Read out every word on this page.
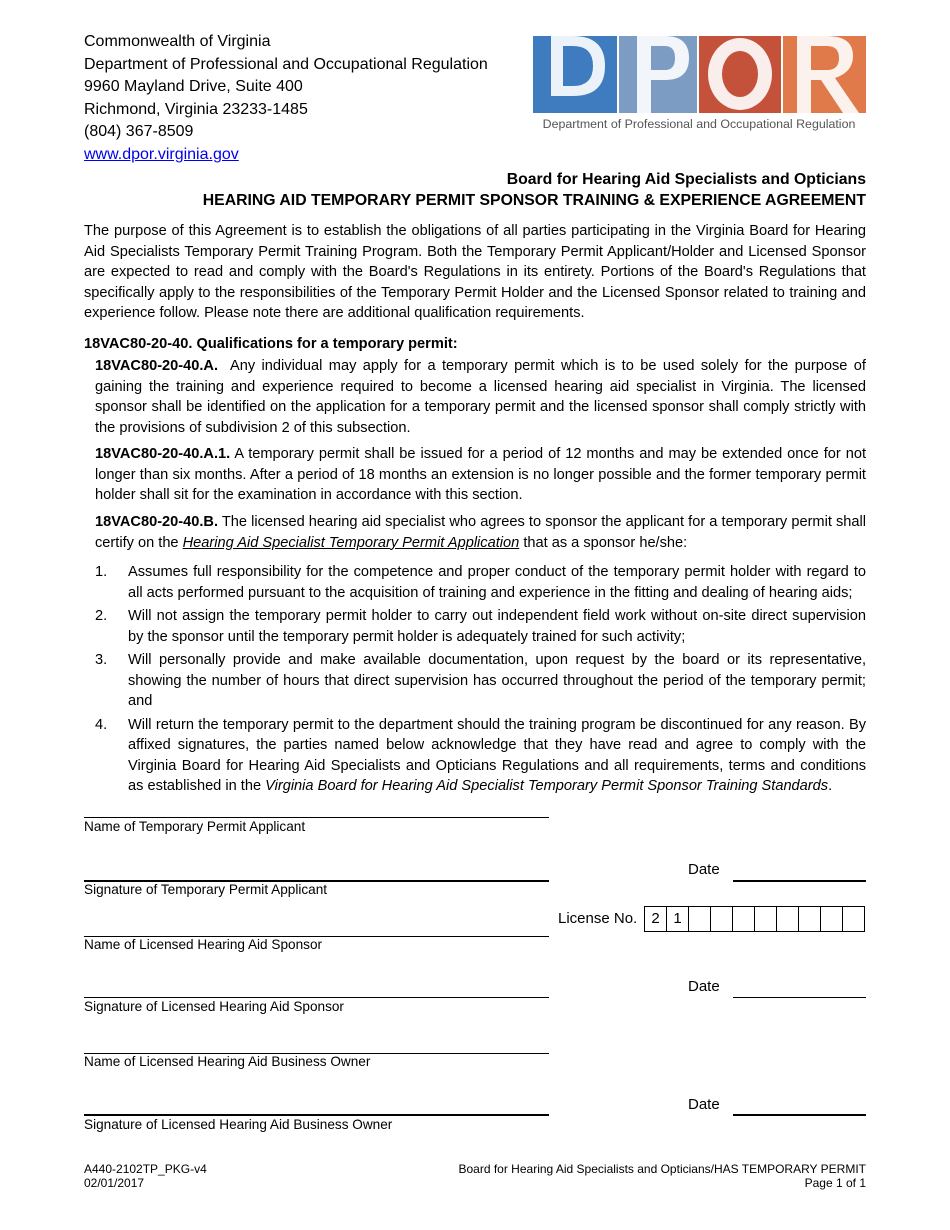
Commonwealth of Virginia
Department of Professional and Occupational Regulation
9960 Mayland Drive, Suite 400
Richmond, Virginia 23233-1485
(804) 367-8509
www.dpor.virginia.gov
Department of Professional and Occupational Regulation
Board for Hearing Aid Specialists and Opticians
HEARING AID TEMPORARY PERMIT SPONSOR TRAINING & EXPERIENCE AGREEMENT
The purpose of this Agreement is to establish the obligations of all parties participating in the Virginia Board for Hearing Aid Specialists Temporary Permit Training Program. Both the Temporary Permit Applicant/Holder and Licensed Sponsor are expected to read and comply with the Board's Regulations in its entirety. Portions of the Board's Regulations that specifically apply to the responsibilities of the Temporary Permit Holder and the Licensed Sponsor related to training and experience follow. Please note there are additional qualification requirements.
18VAC80-20-40. Qualifications for a temporary permit:
18VAC80-20-40.A. Any individual may apply for a temporary permit which is to be used solely for the purpose of gaining the training and experience required to become a licensed hearing aid specialist in Virginia. The licensed sponsor shall be identified on the application for a temporary permit and the licensed sponsor shall comply strictly with the provisions of subdivision 2 of this subsection.
18VAC80-20-40.A.1. A temporary permit shall be issued for a period of 12 months and may be extended once for not longer than six months. After a period of 18 months an extension is no longer possible and the former temporary permit holder shall sit for the examination in accordance with this section.
18VAC80-20-40.B. The licensed hearing aid specialist who agrees to sponsor the applicant for a temporary permit shall certify on the Hearing Aid Specialist Temporary Permit Application that as a sponsor he/she:
1.	Assumes full responsibility for the competence and proper conduct of the temporary permit holder with regard to all acts performed pursuant to the acquisition of training and experience in the fitting and dealing of hearing aids;
2.	Will not assign the temporary permit holder to carry out independent field work without on-site direct supervision by the sponsor until the temporary permit holder is adequately trained for such activity;
3.	Will personally provide and make available documentation, upon request by the board or its representative, showing the number of hours that direct supervision has occurred throughout the period of the temporary permit; and
4.	Will return the temporary permit to the department should the training program be discontinued for any reason. By affixed signatures, the parties named below acknowledge that they have read and agree to comply with the Virginia Board for Hearing Aid Specialists and Opticians Regulations and all requirements, terms and conditions as established in the Virginia Board for Hearing Aid Specialist Temporary Permit Sponsor Training Standards.
Name of Temporary Permit Applicant
Date
Signature of Temporary Permit Applicant
License No. 2 1
Name of Licensed Hearing Aid Sponsor
Date
Signature of Licensed Hearing Aid Sponsor
Name of Licensed Hearing Aid Business Owner
Date
Signature of Licensed Hearing Aid Business Owner
A440-2102TP_PKG-v4
02/01/2017
Board for Hearing Aid Specialists and Opticians/HAS TEMPORARY PERMIT
Page 1 of 1
